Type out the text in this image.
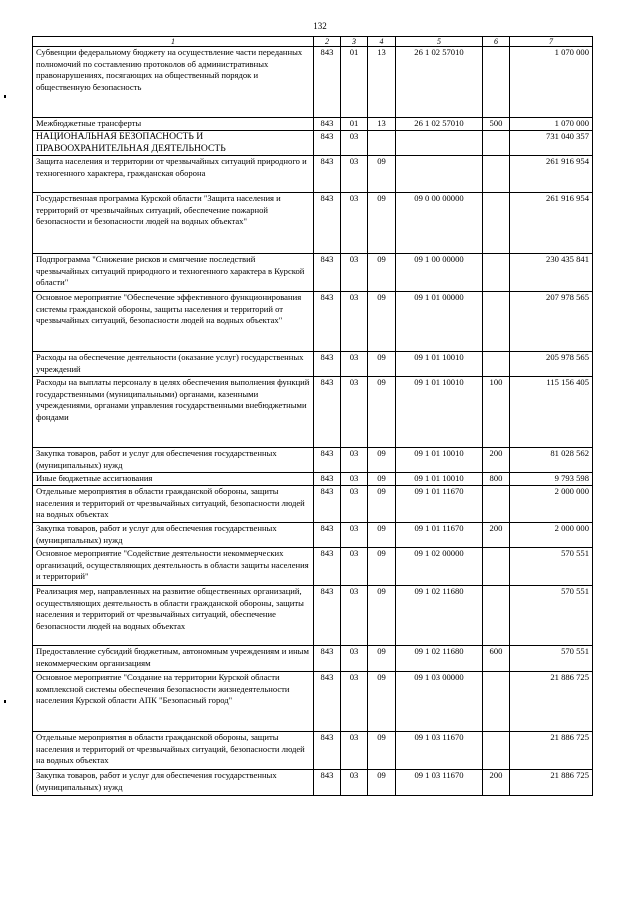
132
1	2	3	4	5	6	7
Субвенции федеральному бюджету на осуществление части переданных полномочий по составлению протоколов об административных правонарушениях, посягающих на общественный порядок и общественную безопасность	843	01	13	26 1 02 57010		1 070 000
Межбюджетные трансферты	843	01	13	26 1 02 57010	500	1 070 000
НАЦИОНАЛЬНАЯ БЕЗОПАСНОСТЬ И ПРАВООХРАНИТЕЛЬНАЯ ДЕЯТЕЛЬНОСТЬ	843	03				731 040 357
Защита населения и территории от чрезвычайных ситуаций природного и техногенного характера, гражданская оборона	843	03	09			261 916 954
Государственная программа Курской области "Защита населения и территорий от чрезвычайных ситуаций, обеспечение пожарной безопасности и безопасности людей на водных объектах"	843	03	09	09 0 00 00000		261 916 954
Подпрограмма "Снижение рисков и смягчение последствий чрезвычайных ситуаций природного и техногенного характера в Курской области"	843	03	09	09 1 00 00000		230 435 841
Основное мероприятие "Обеспечение эффективного функционирования системы гражданской обороны, защиты населения и территорий от чрезвычайных ситуаций, безопасности людей на водных объектах"	843	03	09	09 1 01 00000		207 978 565
Расходы на обеспечение деятельности (оказание услуг) государственных учреждений	843	03	09	09 1 01 10010		205 978 565
Расходы на выплаты персоналу в целях обеспечения выполнения функций государственными (муниципальными) органами, казенными учреждениями, органами управления государственными внебюджетными фондами	843	03	09	09 1 01 10010	100	115 156 405
Закупка товаров, работ и услуг для обеспечения государственных (муниципальных) нужд	843	03	09	09 1 01 10010	200	81 028 562
Иные бюджетные ассигнования	843	03	09	09 1 01 10010	800	9 793 598
Отдельные мероприятия в области гражданской обороны, защиты населения и территорий от чрезвычайных ситуаций, безопасности людей на водных объектах	843	03	09	09 1 01 11670		2 000 000
Закупка товаров, работ и услуг для обеспечения государственных (муниципальных) нужд	843	03	09	09 1 01 11670	200	2 000 000
Основное мероприятие "Содействие деятельности некоммерческих организаций, осуществляющих деятельность в области защиты населения и территорий"	843	03	09	09 1 02 00000		570 551
Реализация мер, направленных на развитие общественных организаций, осуществляющих деятельность в области гражданской обороны, защиты населения и территорий от чрезвычайных ситуаций, обеспечение безопасности людей на водных объектах	843	03	09	09 1 02 11680		570 551
Предоставление субсидий бюджетным, автономным учреждениям и иным некоммерческим организациям	843	03	09	09 1 02 11680	600	570 551
Основное мероприятие "Создание на территории Курской области комплексной системы обеспечения безопасности жизнедеятельности населения Курской области АПК "Безопасный город"	843	03	09	09 1 03 00000		21 886 725
Отдельные мероприятия в области гражданской обороны, защиты населения и территорий от чрезвычайных ситуаций, безопасности людей на водных объектах	843	03	09	09 1 03 11670		21 886 725
Закупка товаров, работ и услуг для обеспечения государственных (муниципальных) нужд	843	03	09	09 1 03 11670	200	21 886 725
